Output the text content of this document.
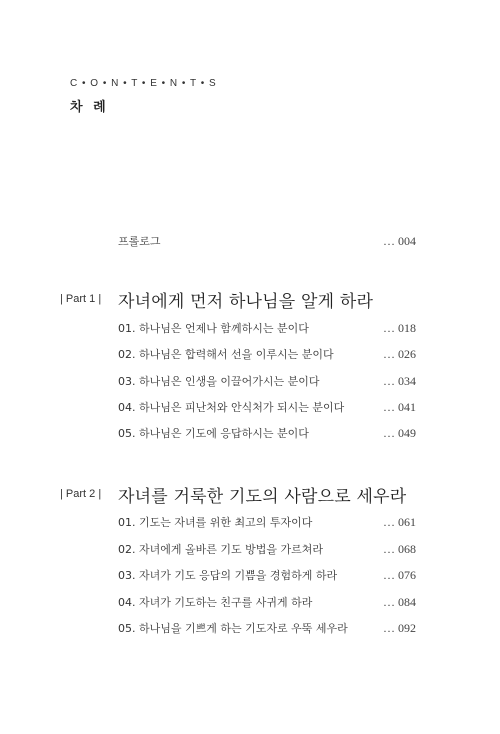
C • O • N • T • E • N • T • S
차 례
프롤로그	… 004
| Part 1 | 자녀에게 먼저 하나님을 알게 하라
01. 하나님은 언제나 함께하시는 분이다	… 018
02. 하나님은 합력해서 선을 이루시는 분이다	… 026
03. 하나님은 인생을 이끌어가시는 분이다	… 034
04. 하나님은 피난처와 안식처가 되시는 분이다	… 041
05. 하나님은 기도에 응답하시는 분이다	… 049
| Part 2 | 자녀를 거룩한 기도의 사람으로 세우라
01. 기도는 자녀를 위한 최고의 투자이다	… 061
02. 자녀에게 올바른 기도 방법을 가르쳐라	… 068
03. 자녀가 기도 응답의 기쁨을 경험하게 하라	… 076
04. 자녀가 기도하는 친구를 사귀게 하라	… 084
05. 하나님을 기쁘게 하는 기도자로 우뚝 세우라	… 092
